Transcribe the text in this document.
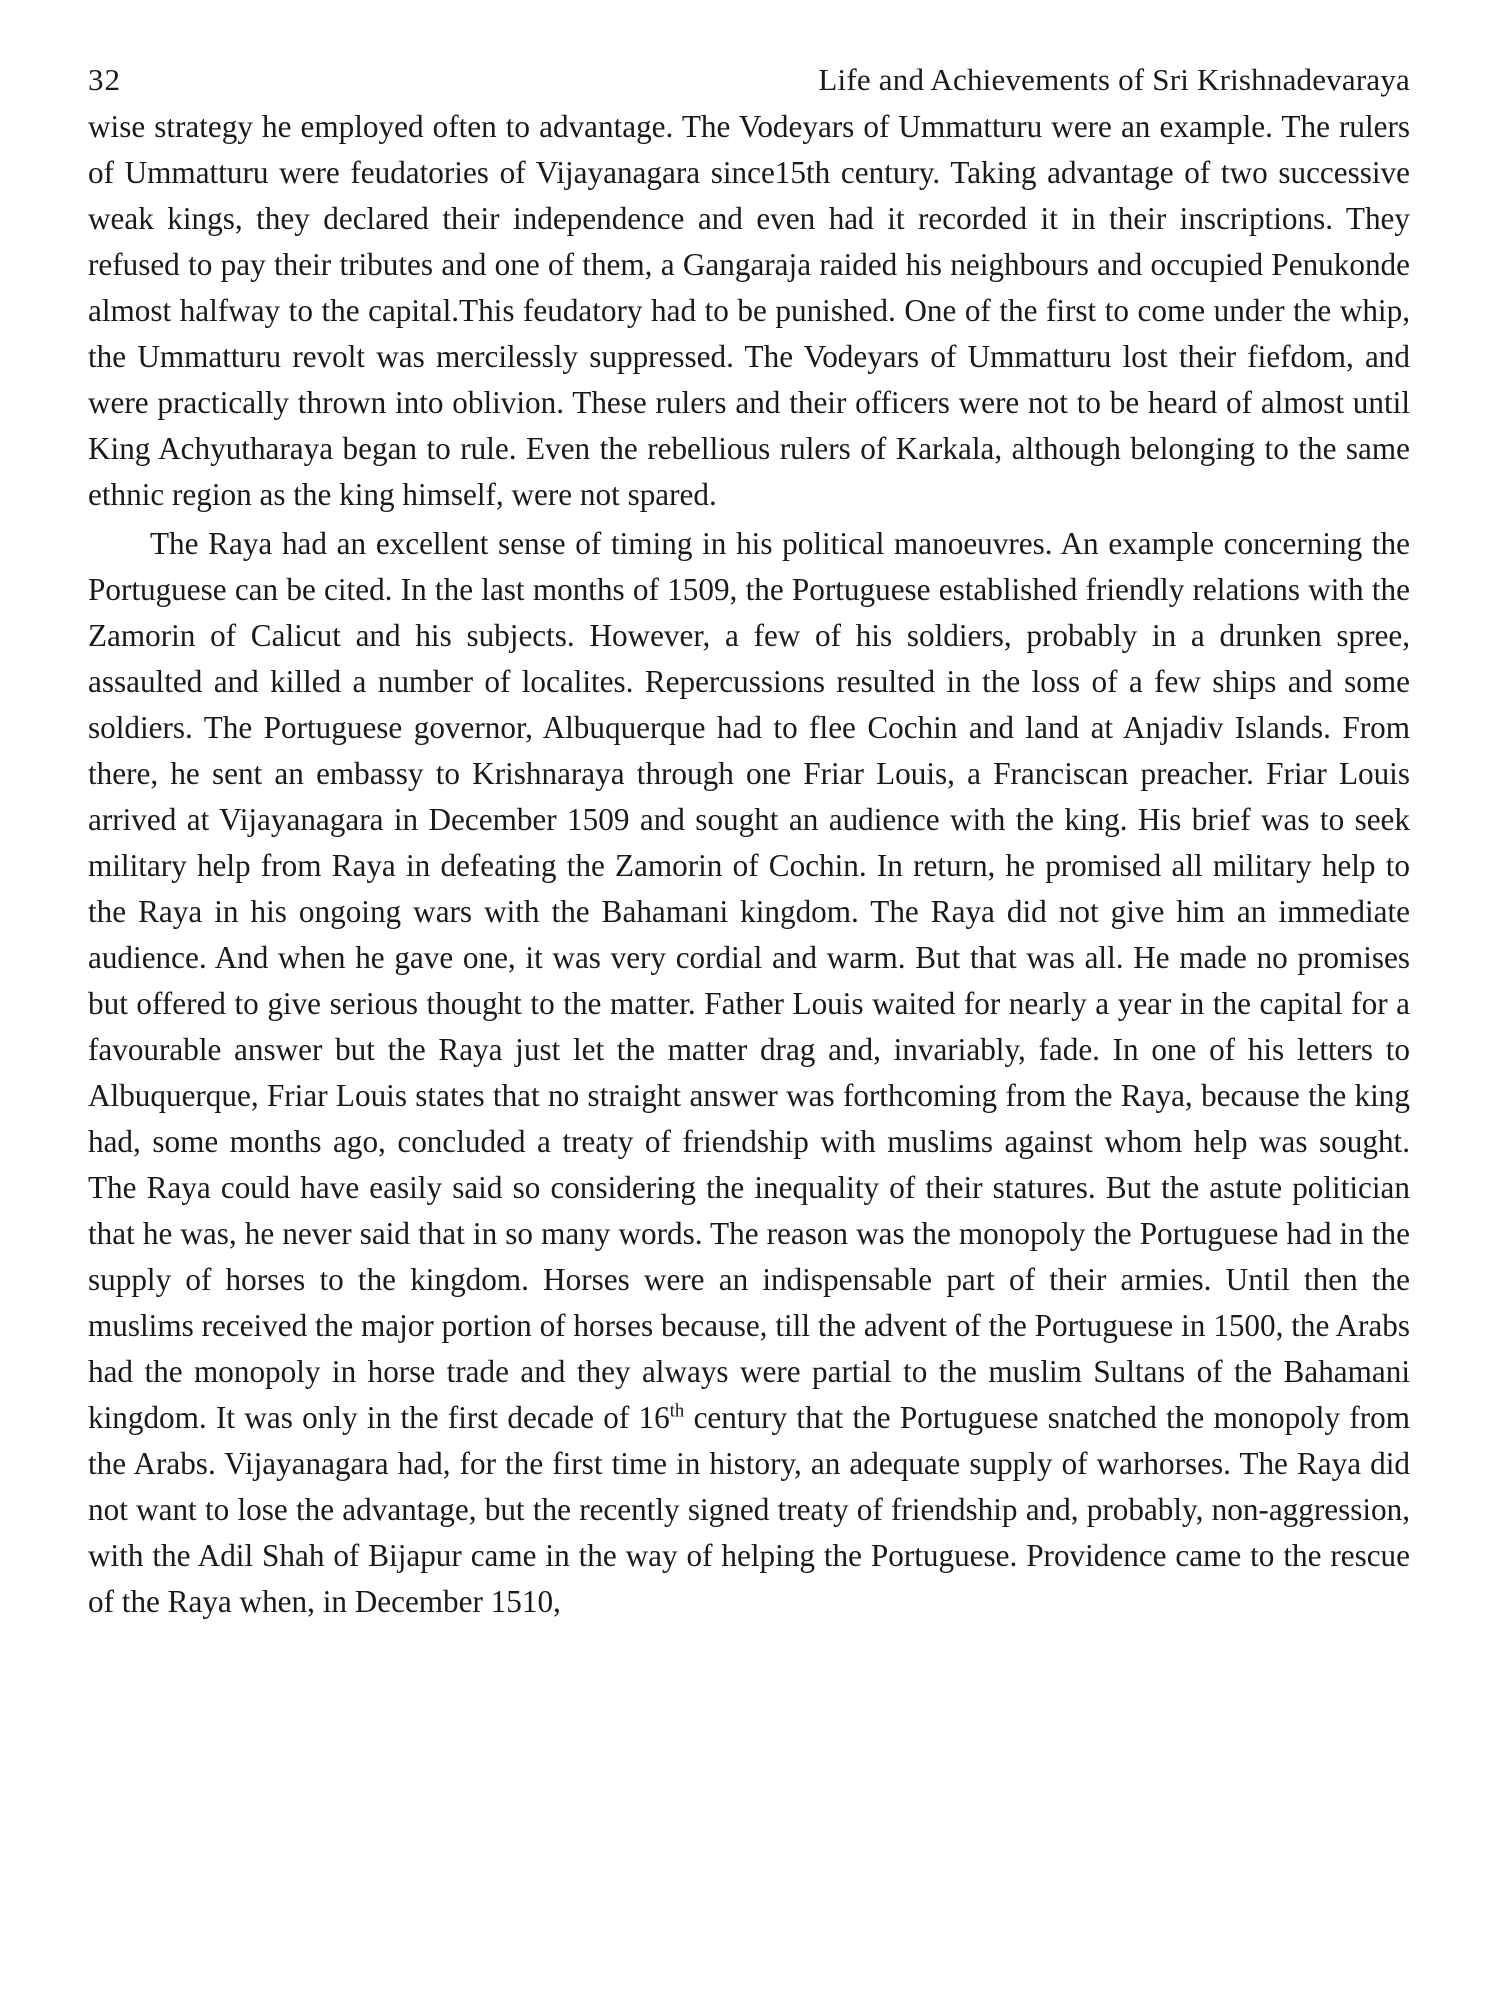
32	Life and Achievements of Sri Krishnadevaraya

wise strategy he employed often to advantage. The Vodeyars of Ummatturu were an example. The rulers of Ummatturu were feudatories of Vijayanagara since15th century. Taking advantage of two successive weak kings, they declared their independence and even had it recorded it in their inscriptions. They refused to pay their tributes and one of them, a Gangaraja raided his neighbours and occupied Penukonde almost halfway to the capital.This feudatory had to be punished. One of the first to come under the whip, the Ummatturu revolt was mercilessly suppressed. The Vodeyars of Ummatturu lost their fiefdom, and were practically thrown into oblivion. These rulers and their officers were not to be heard of almost until King Achyutharaya began to rule. Even the rebellious rulers of Karkala, although belonging to the same ethnic region as the king himself, were not spared.

The Raya had an excellent sense of timing in his political manoeuvres. An example concerning the Portuguese can be cited. In the last months of 1509, the Portuguese established friendly relations with the Zamorin of Calicut and his subjects. However, a few of his soldiers, probably in a drunken spree, assaulted and killed a number of localites. Repercussions resulted in the loss of a few ships and some soldiers. The Portuguese governor, Albuquerque had to flee Cochin and land at Anjadiv Islands. From there, he sent an embassy to Krishnaraya through one Friar Louis, a Franciscan preacher. Friar Louis arrived at Vijayanagara in December 1509 and sought an audience with the king. His brief was to seek military help from Raya in defeating the Zamorin of Cochin. In return, he promised all military help to the Raya in his ongoing wars with the Bahamani kingdom. The Raya did not give him an immediate audience. And when he gave one, it was very cordial and warm. But that was all. He made no promises but offered to give serious thought to the matter. Father Louis waited for nearly a year in the capital for a favourable answer but the Raya just let the matter drag and, invariably, fade. In one of his letters to Albuquerque, Friar Louis states that no straight answer was forthcoming from the Raya, because the king had, some months ago, concluded a treaty of friendship with muslims against whom help was sought. The Raya could have easily said so considering the inequality of their statures. But the astute politician that he was, he never said that in so many words. The reason was the monopoly the Portuguese had in the supply of horses to the kingdom. Horses were an indispensable part of their armies. Until then the muslims received the major portion of horses because, till the advent of the Portuguese in 1500, the Arabs had the monopoly in horse trade and they always were partial to the muslim Sultans of the Bahamani kingdom. It was only in the first decade of 16th century that the Portuguese snatched the monopoly from the Arabs. Vijayanagara had, for the first time in history, an adequate supply of warhorses. The Raya did not want to lose the advantage, but the recently signed treaty of friendship and, probably, non-aggression, with the Adil Shah of Bijapur came in the way of helping the Portuguese. Providence came to the rescue of the Raya when, in December 1510,
